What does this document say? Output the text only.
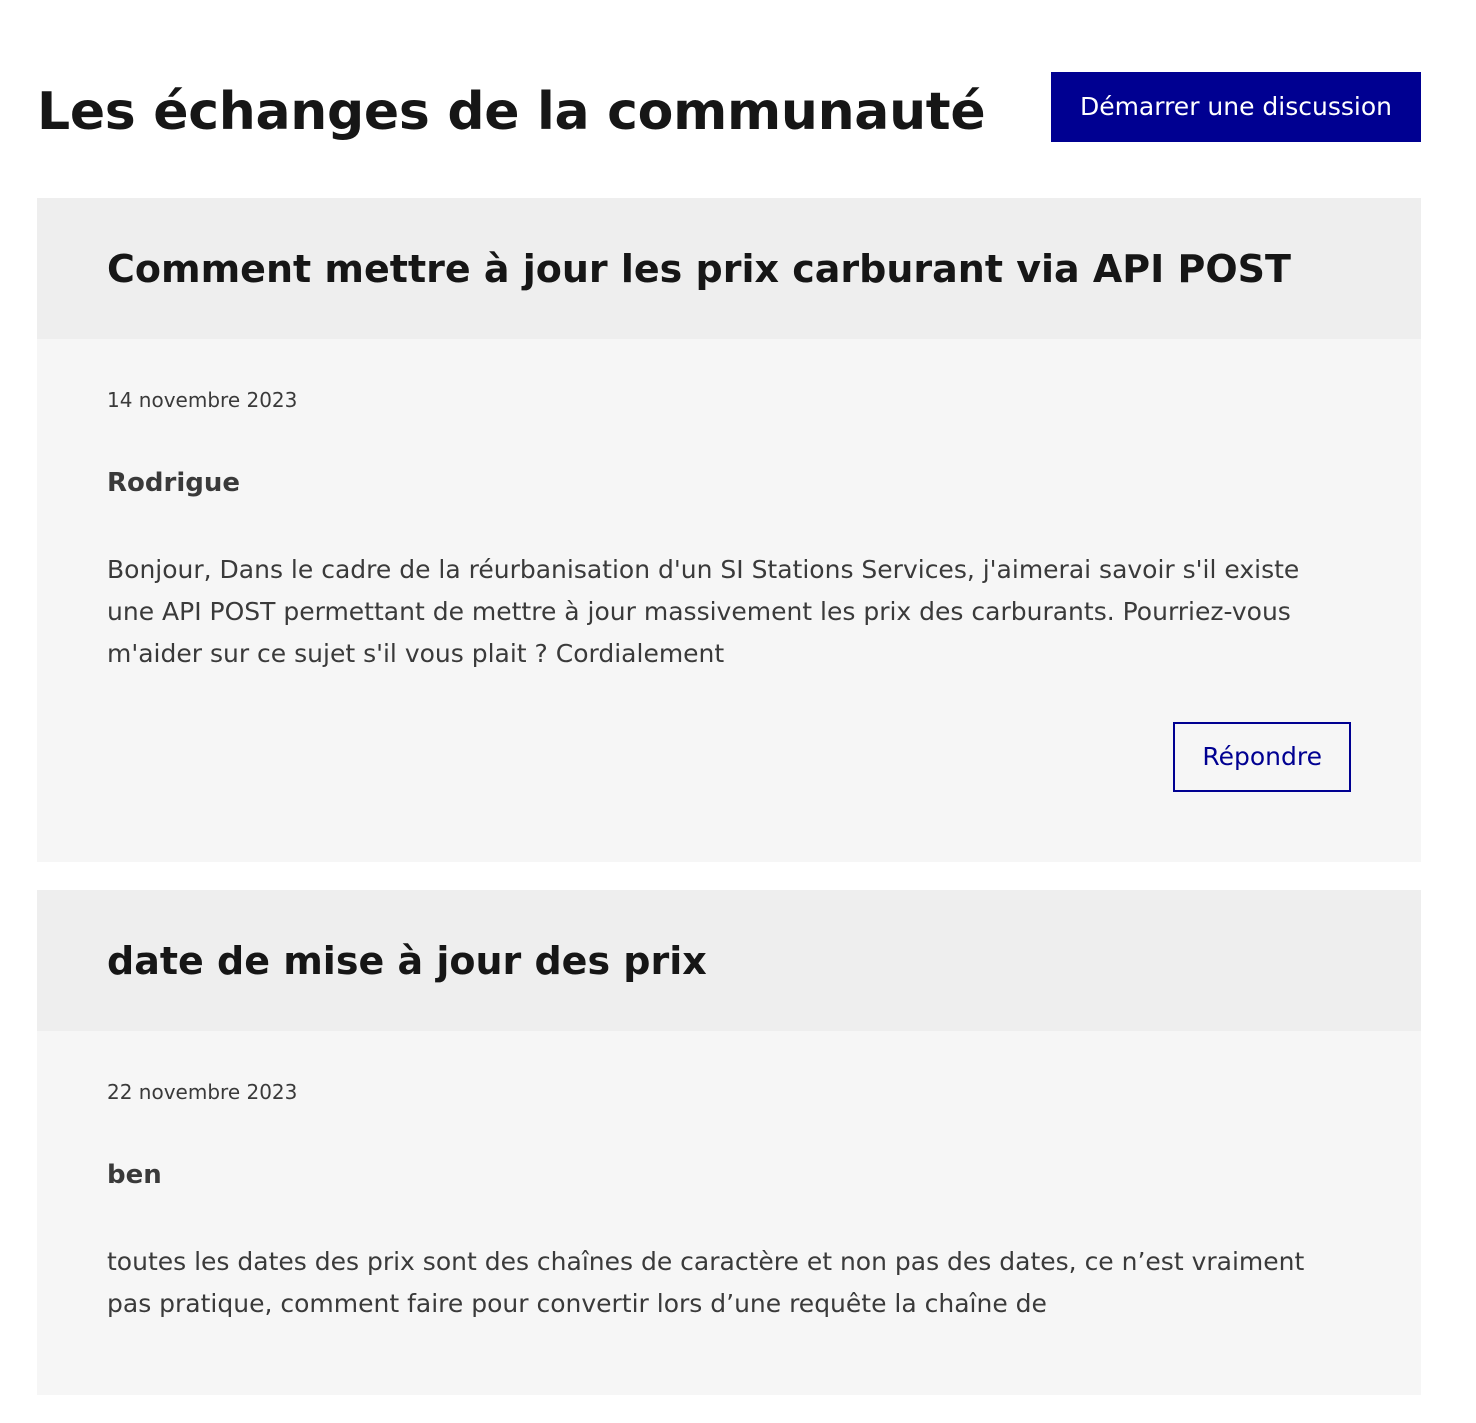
Les échanges de la communauté	Démarrer une discussion
Comment mettre à jour les prix carburant via API POST

14 novembre 2023

Rodrigue
Bonjour, Dans le cadre de la réurbanisation d'un SI Stations Services, j'aimerai savoir s'il existe une API POST permettant de mettre à jour massivement les prix des carburants. Pourriez-vous m'aider sur ce sujet s'il vous plait ? Cordialement
Répondre
date de mise à jour des prix

22 novembre 2023

ben
toutes les dates des prix sont des chaînes de caractère et non pas des dates, ce n’est vraiment pas pratique, comment faire pour convertir lors d’une requête la chaîne de
